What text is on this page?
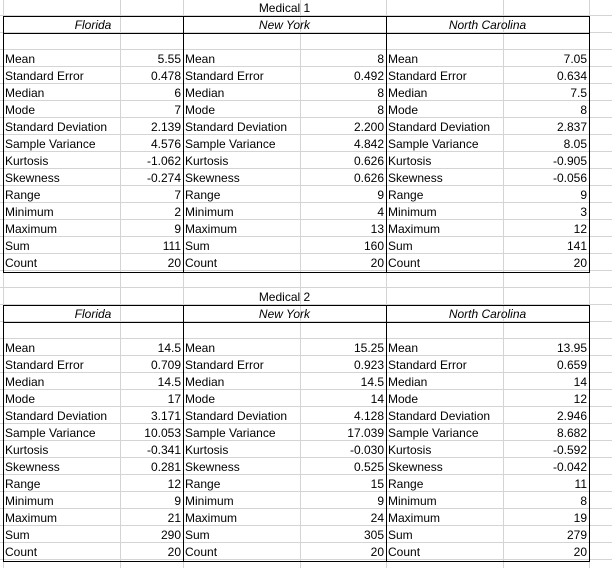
Medical 1
Florida	New York	North Carolina
Mean	5.55 Mean	8 Mean	7.05
Standard Error	0.478 Standard Error	0.492 Standard Error	0.634
Median	6 Median	8 Median	7.5
Mode	7 Mode	8 Mode	8
Standard Deviation	2.139 Standard Deviation	2.200 Standard Deviation	2.837
Sample Variance	4.576 Sample Variance	4.842 Sample Variance	8.05
Kurtosis	-1.062 Kurtosis	0.626 Kurtosis	-0.905
Skewness	-0.274 Skewness	0.626 Skewness	-0.056
Range	7 Range	9 Range	9
Minimum	2 Minimum	4 Minimum	3
Maximum	9 Maximum	13 Maximum	12
Sum	111 Sum	160 Sum	141
Count	20 Count	20 Count	20
Medical 2
Florida	New York	North Carolina
Mean	14.5 Mean	15.25 Mean	13.95
Standard Error	0.709 Standard Error	0.923 Standard Error	0.659
Median	14.5 Median	14.5 Median	14
Mode	17 Mode	14 Mode	12
Standard Deviation	3.171 Standard Deviation	4.128 Standard Deviation	2.946
Sample Variance	10.053 Sample Variance	17.039 Sample Variance	8.682
Kurtosis	-0.341 Kurtosis	-0.030 Kurtosis	-0.592
Skewness	0.281 Skewness	0.525 Skewness	-0.042
Range	12 Range	15 Range	11
Minimum	9 Minimum	9 Minimum	8
Maximum	21 Maximum	24 Maximum	19
Sum	290 Sum	305 Sum	279
Count	20 Count	20 Count	20
